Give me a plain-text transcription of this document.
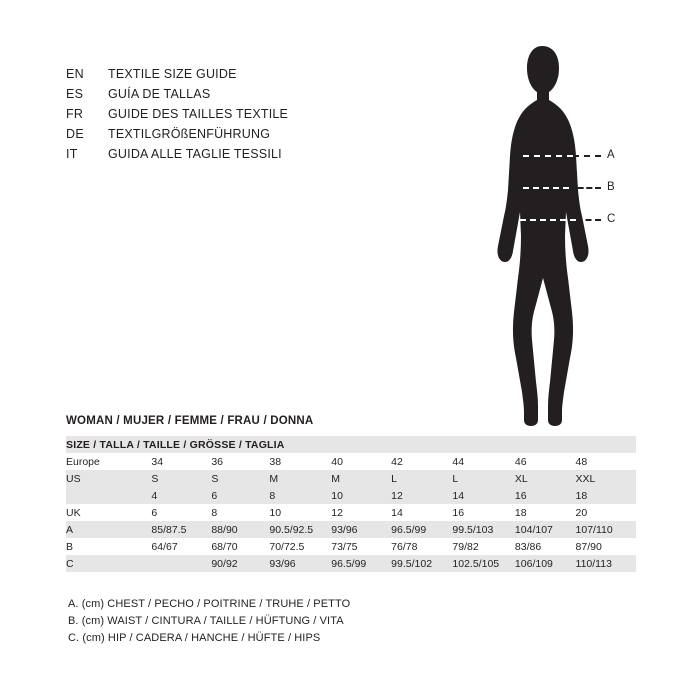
EN	TEXTILE SIZE GUIDE
ES	GUÍA DE TALLAS
FR	GUIDE DES TAILLES TEXTILE
DE	TEXTILGRÖßENFÜHRUNG
IT	GUIDA ALLE TAGLIE TESSILI	A
B
C
WOMAN / MUJER / FEMME / FRAU / DONNA
SIZE / TALLA / TAILLE / GRÖSSE / TAGLIA								
Europe	34	36	38	40	42	44	46	48
US	S	S	M	M	L	L	XL	XXL
	4	6	8	10	12	14	16	18
UK	6	8	10	12	14	16	18	20
A	85/87.5	88/90	90.5/92.5	93/96	96.5/99	99.5/103	104/107	107/110
B	64/67	68/70	70/72.5	73/75	76/78	79/82	83/86	87/90
C		90/92	93/96	96.5/99	99.5/102	102.5/105	106/109	110/113
A. (cm) CHEST / PECHO / POITRINE / TRUHE / PETTO
B. (cm) WAIST / CINTURA / TAILLE / HÜFTUNG / VITA
C. (cm) HIP / CADERA / HANCHE / HÜFTE / HIPS
